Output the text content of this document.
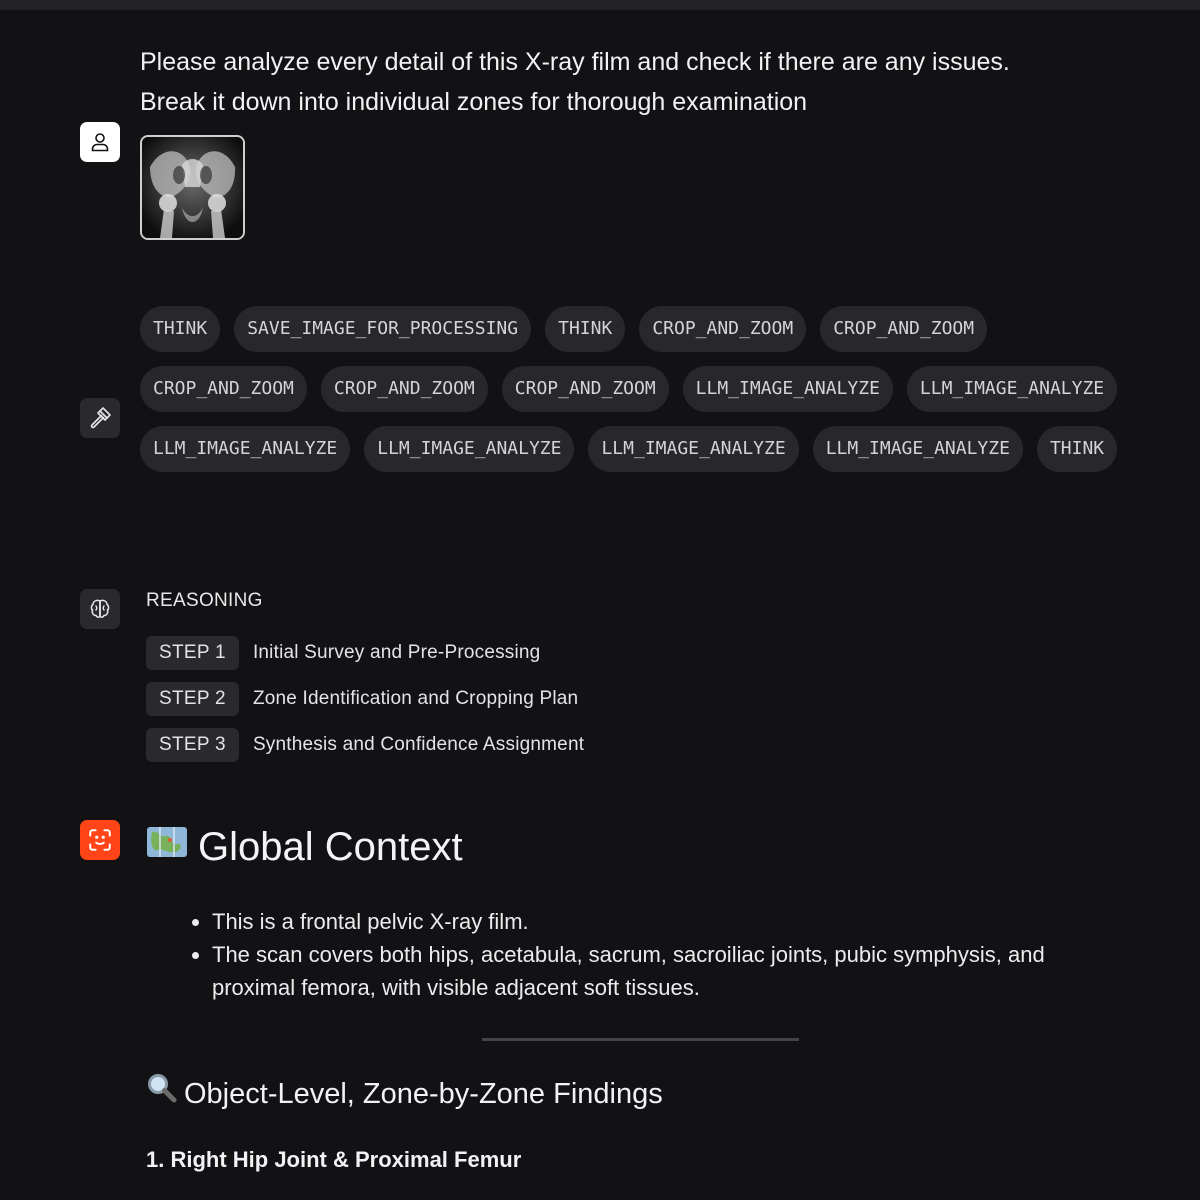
Please analyze every detail of this X-ray film and check if there are any issues.

Break it down into individual zones for thorough examination

THINK	SAVE_IMAGE_FOR_PROCESSING	THINK	CROP_AND_ZOOM	CROP_AND_ZOOM
CROP_AND_ZOOM	CROP_AND_ZOOM	CROP_AND_ZOOM	LLM_IMAGE_ANALYZE	LLM_IMAGE_ANALYZE
LLM_IMAGE_ANALYZE	LLM_IMAGE_ANALYZE	LLM_IMAGE_ANALYZE	LLM_IMAGE_ANALYZE	THINK
REASONING
STEP 1	Initial Survey and Pre-Processing
STEP 2	Zone Identification and Cropping Plan
STEP 3	Synthesis and Confidence Assignment
Global Context
• This is a frontal pelvic X-ray film.
• The scan covers both hips, acetabula, sacrum, sacroiliac joints, pubic symphysis, and proximal femora, with visible adjacent soft tissues.
Object-Level, Zone-by-Zone Findings
1. Right Hip Joint & Proximal Femur
